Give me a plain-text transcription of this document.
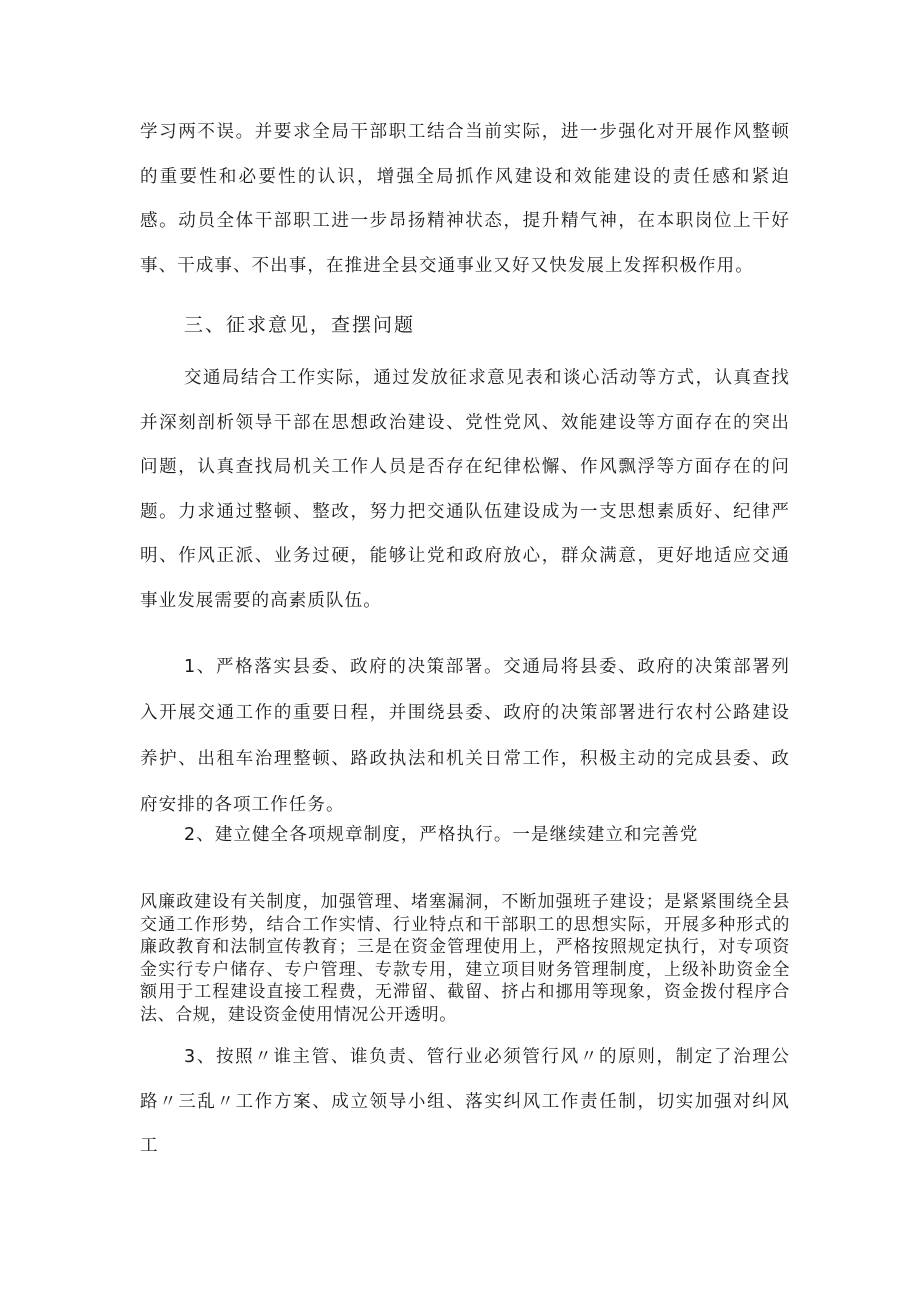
学习两不误。并要求全局干部职工结合当前实际，进一步强化对开展作风整顿的重要性和必要性的认识，增强全局抓作风建设和效能建设的责任感和紧迫感。动员全体干部职工进一步昂扬精神状态，提升精气神，在本职岗位上干好事、干成事、不出事，在推进全县交通事业又好又快发展上发挥积极作用。

三、征求意见，查摆问题

交通局结合工作实际，通过发放征求意见表和谈心活动等方式，认真查找并深刻剖析领导干部在思想政治建设、党性党风、效能建设等方面存在的突出问题，认真查找局机关工作人员是否存在纪律松懈、作风飘浮等方面存在的问题。力求通过整顿、整改，努力把交通队伍建设成为一支思想素质好、纪律严明、作风正派、业务过硬，能够让党和政府放心，群众满意，更好地适应交通事业发展需要的高素质队伍。

1、严格落实县委、政府的决策部署。交通局将县委、政府的决策部署列入开展交通工作的重要日程，并围绕县委、政府的决策部署进行农村公路建设养护、出租车治理整顿、路政执法和机关日常工作，积极主动的完成县委、政府安排的各项工作任务。

2、建立健全各项规章制度，严格执行。一是继续建立和完善党

风廉政建设有关制度，加强管理、堵塞漏洞，不断加强班子建设；是紧紧围绕全县交通工作形势，结合工作实情、行业特点和干部职工的思想实际，开展多种形式的廉政教育和法制宣传教育；三是在资金管理使用上，严格按照规定执行，对专项资金实行专户储存、专户管理、专款专用，建立项目财务管理制度，上级补助资金全额用于工程建设直接工程费，无滞留、截留、挤占和挪用等现象，资金拨付程序合法、合规，建设资金使用情况公开透明。

3、按照〃谁主管、谁负责、管行业必须管行风〃的原则，制定了治理公路〃三乱〃工作方案、成立领导小组、落实纠风工作责任制，切实加强对纠风工
